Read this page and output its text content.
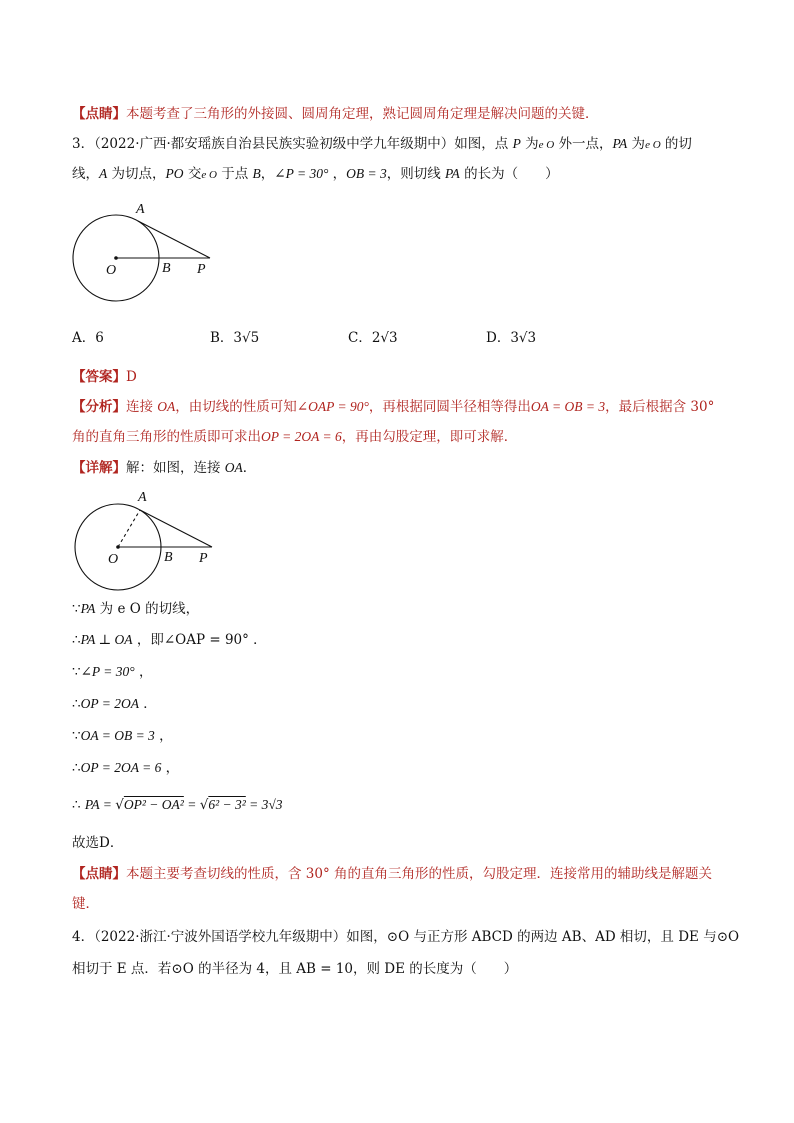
【点睛】本题考查了三角形的外接圆、圆周角定理，熟记圆周角定理是解决问题的关键．
3．（2022·广西·都安瑶族自治县民族实验初级中学九年级期中）如图，点 P 为e O 外一点，PA 为e O 的切
线，A 为切点，PO 交e O 于点 B，∠P = 30° ，OB = 3，则切线 PA 的长为（　　）
A
O	B P
A．6	B．3√5	C．2√3	D．3√3
【答案】D
【分析】连接 OA，由切线的性质可知∠OAP = 90°，再根据同圆半径相等得出OA = OB = 3，最后根据含 30°
角的直角三角形的性质即可求出OP = 2OA = 6，再由勾股定理，即可求解．
【详解】解：如图，连接 OA．
A
O	B P
∵PA 为 e O 的切线，
∴PA ⊥ OA ，即∠OAP = 90° ．
∵∠P = 30° ，
∴OP = 2OA ．
∵OA = OB = 3 ，
∴OP = 2OA = 6 ，
∴ PA = √OP² − OA² = √6² − 3² = 3√3
故选D．
【点睛】本题主要考查切线的性质，含 30° 角的直角三角形的性质，勾股定理．连接常用的辅助线是解题关
键．
4．（2022·浙江·宁波外国语学校九年级期中）如图，⊙O 与正方形 ABCD 的两边 AB、AD 相切，且 DE 与⊙O
相切于 E 点．若⊙O 的半径为 4，且 AB = 10，则 DE 的长度为（　　）
